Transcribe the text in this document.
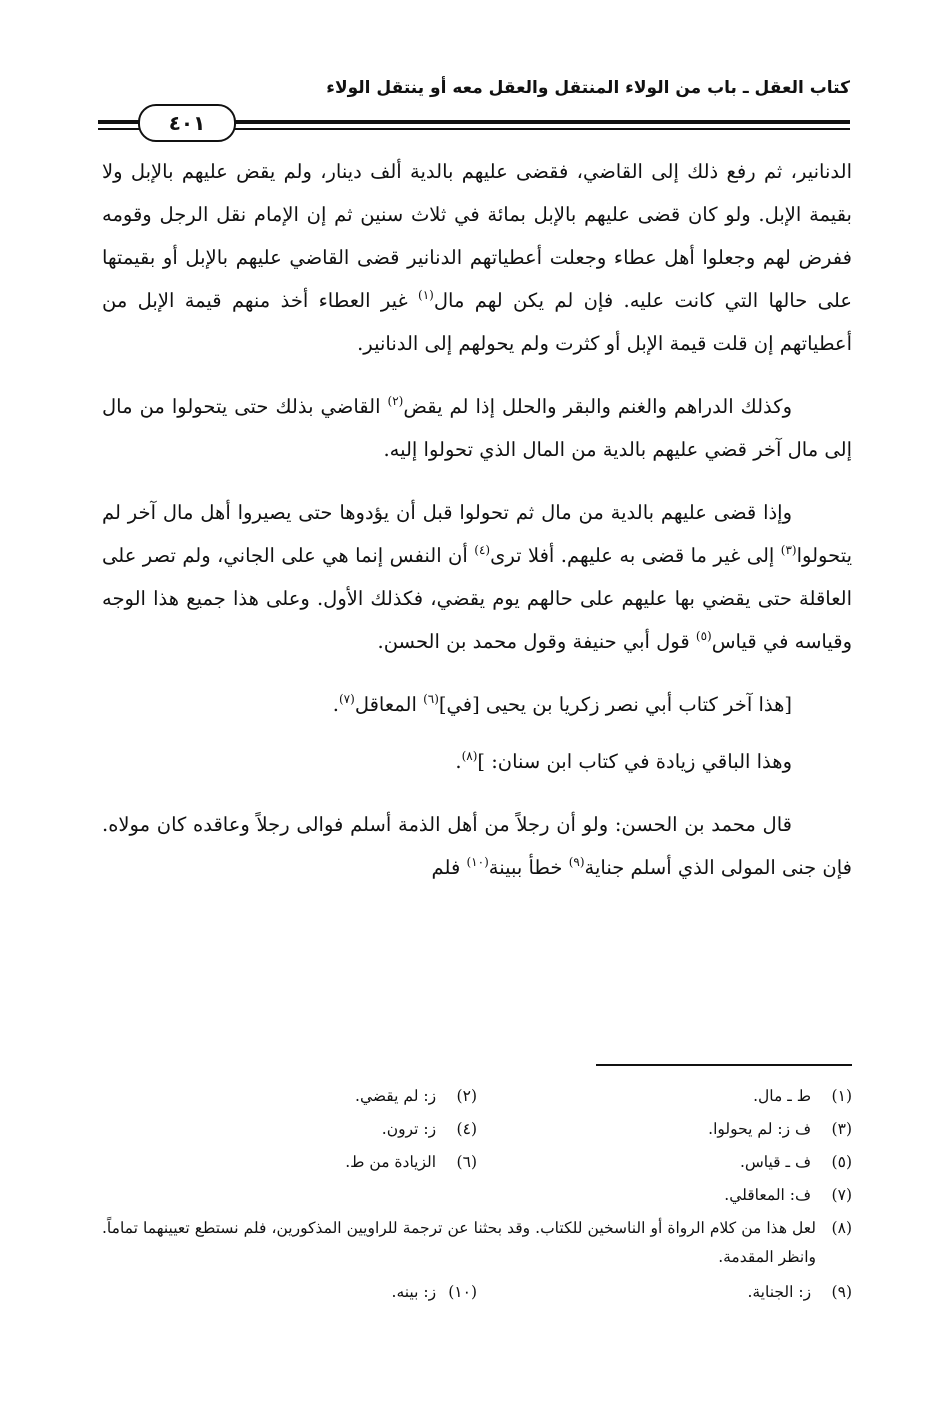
كتاب العقل ـ باب من الولاء المنتقل والعقل معه أو ينتقل الولاء
٤٠١

الدنانير، ثم رفع ذلك إلى القاضي، فقضى عليهم بالدية ألف دينار، ولم يقض عليهم بالإبل ولا بقيمة الإبل. ولو كان قضى عليهم بالإبل بمائة في ثلاث سنين ثم إن الإمام نقل الرجل وقومه ففرض لهم وجعلوا أهل عطاء وجعلت أعطياتهم الدنانير قضى القاضي عليهم بالإبل أو بقيمتها على حالها التي كانت عليه. فإن لم يكن لهم مال$^{(١)}$ غير العطاء أخذ منهم قيمة الإبل من أعطياتهم إن قلت قيمة الإبل أو كثرت ولم يحولهم إلى الدنانير.

وكذلك الدراهم والغنم والبقر والحلل إذا لم يقض$^{(٢)}$ القاضي بذلك حتى يتحولوا من مال إلى مال آخر قضي عليهم بالدية من المال الذي تحولوا إليه.

وإذا قضى عليهم بالدية من مال ثم تحولوا قبل أن يؤدوها حتى يصيروا أهل مال آخر لم يتحولوا$^{(٣)}$ إلى غير ما قضى به عليهم. أفلا ترى$^{(٤)}$ أن النفس إنما هي على الجاني، ولم تصر على العاقلة حتى يقضي بها عليهم على حالهم يوم يقضي، فكذلك الأول. وعلى هذا جميع هذا الوجه وقياسه في قياس$^{(٥)}$ قول أبي حنيفة وقول محمد بن الحسن.

[هذا آخر كتاب أبي نصر زكريا بن يحيى [في]$^{(٦)}$ المعاقل$^{(٧)}$.

وهذا الباقي زيادة في كتاب ابن سنان: ]$^{(٨)}$.

قال محمد بن الحسن: ولو أن رجلاً من أهل الذمة أسلم فوالى رجلاً وعاقده كان مولاه. فإن جنى المولى الذي أسلم جناية$^{(٩)}$ خطأ ببينة$^{(١٠)}$ فلم

(١) ط ـ مال.
(٢) ز: لم يقضي.
(٣) ف ز: لم يحولوا.
(٤) ز: ترون.
(٥) ف ـ قياس.
(٦) الزيادة من ط.
(٧) ف: المعاقلي.
(٨)
لعل هذا من كلام الرواة أو الناسخين للكتاب. وقد بحثنا عن ترجمة للراويين المذكورين، فلم نستطع تعيينهما تماماً. وانظر المقدمة.
(٩) ز: الجناية.
(١٠) ز: بينه.
